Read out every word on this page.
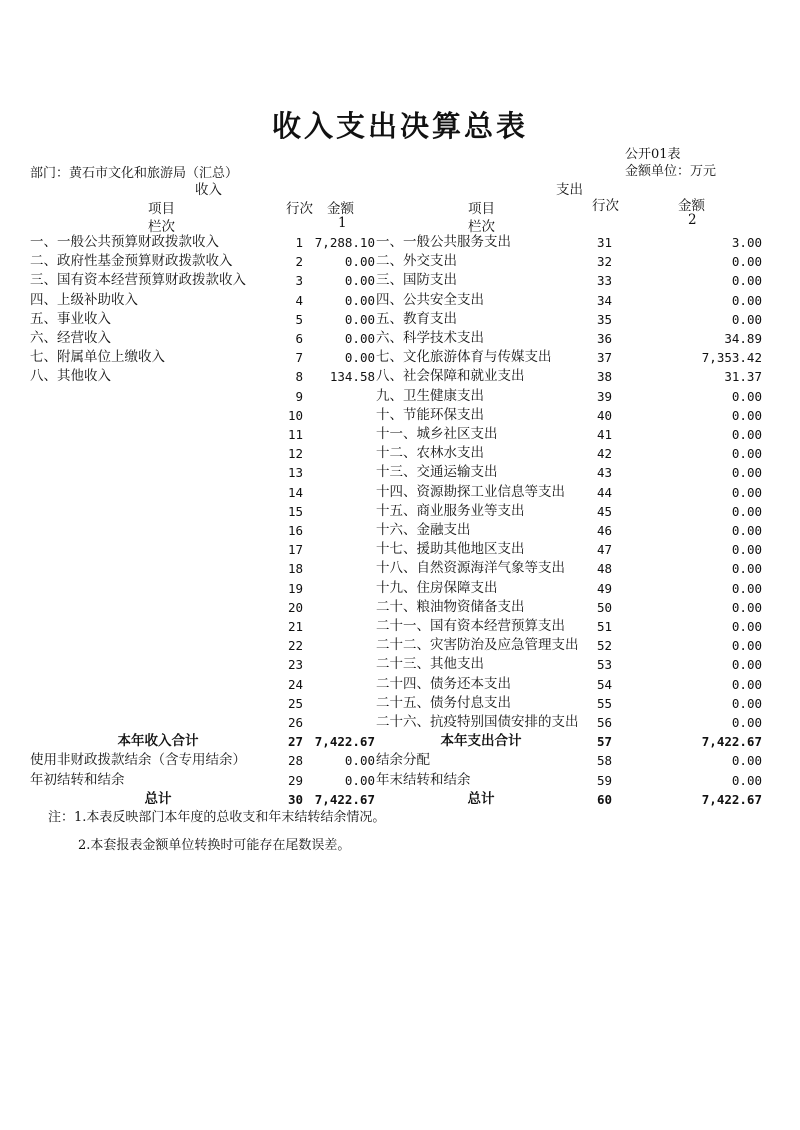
收入支出决算总表
公开01表
金额单位：万元
部门：黄石市文化和旅游局（汇总）
收入	支出
项目	行次 金额	项目	行次	金额
栏次	1	栏次	2
一、一般公共预算财政拨款收入	1 7,288.10 一、一般公共服务支出	31	3.00
二、政府性基金预算财政拨款收入	2	0.00 二、外交支出	32	0.00
三、国有资本经营预算财政拨款收入	3	0.00 三、国防支出	33	0.00
四、上级补助收入	4	0.00 四、公共安全支出	34	0.00
五、事业收入	5	0.00 五、教育支出	35	0.00
六、经营收入	6	0.00 六、科学技术支出	36	34.89
七、附属单位上缴收入	7	0.00 七、文化旅游体育与传媒支出	37	7,353.42
八、其他收入	8	134.58 八、社会保障和就业支出	38	31.37
9	九、卫生健康支出	39	0.00
10	十、节能环保支出	40	0.00
11	十一、城乡社区支出	41	0.00
12	十二、农林水支出	42	0.00
13	十三、交通运输支出	43	0.00
14	十四、资源勘探工业信息等支出	44	0.00
15	十五、商业服务业等支出	45	0.00
16	十六、金融支出	46	0.00
17	十七、援助其他地区支出	47	0.00
18	十八、自然资源海洋气象等支出	48	0.00
19	十九、住房保障支出	49	0.00
20	二十、粮油物资储备支出	50	0.00
21	二十一、国有资本经营预算支出	51	0.00
22	二十二、灾害防治及应急管理支出	52	0.00
23	二十三、其他支出	53	0.00
24	二十四、债务还本支出	54	0.00
25	二十五、债务付息支出	55	0.00
26	二十六、抗疫特别国债安排的支出	56	0.00
本年收入合计	27 7,422.67	本年支出合计	57	7,422.67
使用非财政拨款结余（含专用结余）	28	0.00 结余分配	58	0.00
年初结转和结余	29	0.00 年末结转和结余	59	0.00
总计	30 7,422.67	总计	60	7,422.67
注：1.本表反映部门本年度的总收支和年末结转结余情况。
2.本套报表金额单位转换时可能存在尾数误差。
